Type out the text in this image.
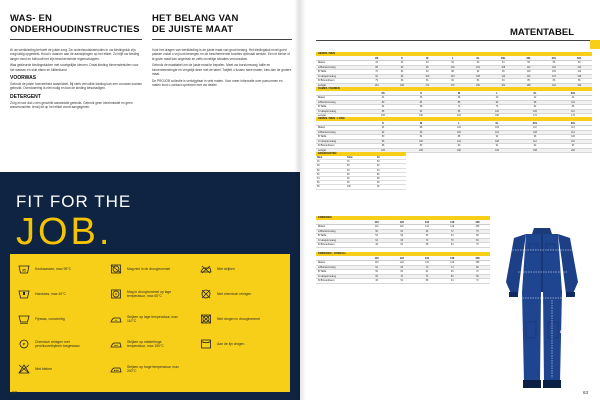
WAS- EN
ONDERHOUDINSTRUCTIES
HET BELANG VAN
DE JUISTE MAAT

Al uw werkkleding behoeft de juiste zorg. De onderhoudsinstructies in uw kledingstuk zijn zorgvuldig opgesteld. Houd u daarom aan de aanwijzingen op het etiket. Zo blijft uw kleding langer mooi en behoudt het zijn beschermende eigenschappen.

Was gekleurde kledingstukken met soortgelijke kleuren. Draai kleding binnenstebuiten voor het wassen en sluit ritsen en klittenband.

VOORWAS

Gebruik de juiste hoeveelheid wasmiddel. Bij sterk vervuilde kleding kan een voorwas worden gebruikt. Overdosering is niet nodig en kan de kleding beschadigen.

DETERGENT

Zorg ervoor dat u een geschikt wasmiddel gebruikt. Gebruik geen bleekmiddel en geen wasverzachter, tenzij dit op het etiket wordt aangegeven.

Voor het dragen van werkkleding is de juiste maat van groot belang. Het kledingstuk moet goed passen zodat u vrij kunt bewegen en de beschermende functies optimaal werken. Een te kleine of te grote maat kan ongemak en zelfs onveilige situaties veroorzaken.

Gebruik de maattabel om de juiste maat te bepalen. Meet uw borstomvang, taille en binnenbeenlengte en vergelijk deze met de tabel. Twijfelt u tussen twee maten, kies dan de grotere maat.

De PROJOB collectie is verkrijgbaar in vele maten. Voor meer informatie over pasvormen en maten kunt u contact opnemen met uw dealer.

FIT FOR THE
JOB.
95	Kookwassen, max 95°C
Handwas, max 40°C
Fijnwas, voorzichtig
P	Chemisch reinigen met perchloorethyleen toegestaan
Niet bleken
Mag niet in de droogtrommel
Mag in droogtrommel op lage temperatuur, max 60°C
Strijken op lage temperatuur, max 110°C
Strijken op middelhoge temperatuur, max 150°C
Strijken op hoge temperatuur, max 200°C
Niet strijken
Niet chemisch reinigen
Niet drogen in droogtrommel
Aan de lijn drogen
62
MATENTABEL
HEREN / MEN
XS	S	M	L	XL	XXL	3XL	4XL	5XL
Maten	44	46	48	50	52	54	56	58	60
A Borstomvang	88	92	96	100	104	108	112	118	124
B Taille	76	80	84	88	92	96	100	106	112
C Heupomvang	92	96	100	104	108	112	116	122	128
D Binnenbeen	79	80	81	82	83	84	85	86	86
Lengte	164	168	172	176	180	184	188	192	196
DAMES / WOMEN
XS	S	M	L	XL	XXL
Maten	34	36	38	40	42	44
A Borstomvang	80	84	88	92	98	104
B Taille	64	68	72	76	82	88
C Heupomvang	88	92	96	100	106	112
Lengte	156	160	164	168	172	176
HEREN / MEN - LONG
S	M	L	XL	XXL	3XL
Maten	94	98	102	106	110	114
A Borstomvang	92	96	100	104	108	112
B Taille	80	84	88	92	96	100
C Heupomvang	96	100	104	108	112	116
D Binnenbeen	88	89	90	91	92	93
Lengte	182	186	190	194	198	202
BROEKMATEN
Maat	Taille	Zit
46	76	80
48	80	82
50	84	84
52	88	86
54	92	88
56	96	90
58	100	92
KINDEREN
110	122	134	146	158
Maten	110	122	134	146	158
A Borstomvang	60	64	68	72	78
B Taille	54	58	62	64	68
C Heupomvang	64	68	72	78	84
D Binnenbeen	46	52	58	64	70
KINDEREN - OVERALL
110	122	134	146	158
Maten	110	122	134	146	158
A Borstomvang	62	66	70	74	80
B Taille	56	60	64	66	70
C Heupomvang	66	70	74	80	86
D Binnenbeen	46	52	58	64	70
A
B
C
D
63
